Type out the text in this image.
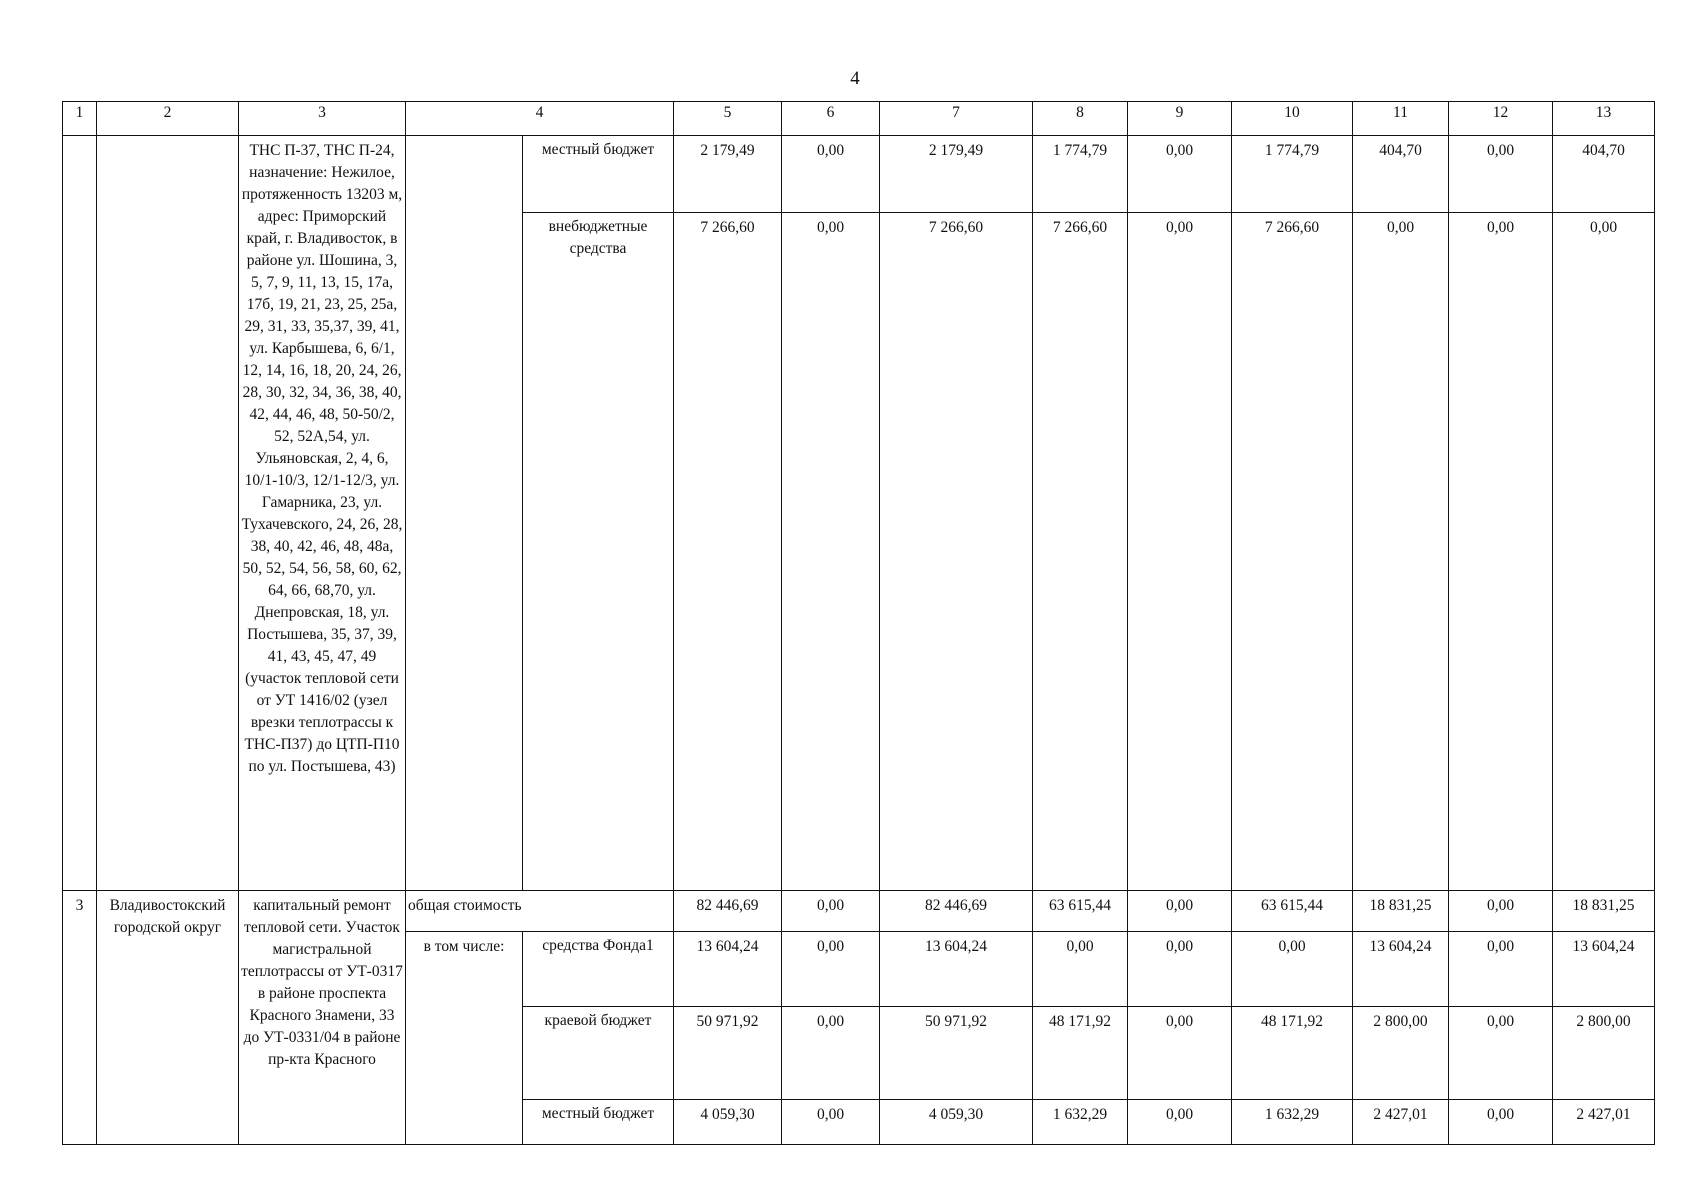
4
1	2	3	4		5	6	7	8	9	10	11	12	13
		ТНС П-37, ТНС П-24, назначение: Нежилое, протяженность 13203 м, адрес: Приморский край, г. Владивосток, в районе ул. Шошина, 3, 5, 7, 9, 11, 13, 15, 17а, 17б, 19, 21, 23, 25, 25а, 29, 31, 33, 35,37, 39, 41, ул. Карбышева, 6, 6/1, 12, 14, 16, 18, 20, 24, 26, 28, 30, 32, 34, 36, 38, 40, 42, 44, 46, 48, 50-50/2, 52, 52А,54, ул. Ульяновская, 2, 4, 6, 10/1-10/3, 12/1-12/3, ул. Гамарника, 23, ул. Тухачевского, 24, 26, 28, 38, 40, 42, 46, 48, 48а, 50, 52, 54, 56, 58, 60, 62, 64, 66, 68,70, ул. Днепровская, 18, ул. Постышева, 35, 37, 39, 41, 43, 45, 47, 49 (участок тепловой сети от УТ 1416/02 (узел врезки теплотрассы к ТНС-П37) до ЦТП-П10 по ул. Постышева, 43)		местный бюджет	2 179,49	0,00	2 179,49	1 774,79	0,00	1 774,79	404,70	0,00	404,70
				внебюджетные средства	7 266,60	0,00	7 266,60	7 266,60	0,00	7 266,60	0,00	0,00	0,00
3	Владивостокский городской округ	капитальный ремонт тепловой сети. Участок магистральной теплотрассы от УТ-0317 в районе проспекта Красного Знамени, 33 до УТ-0331/04 в районе пр-кта Красного	общая стоимость		82 446,69	0,00	82 446,69	63 615,44	0,00	63 615,44	18 831,25	0,00	18 831,25
			в том числе:	средства Фонда1	13 604,24	0,00	13 604,24	0,00	0,00	0,00	13 604,24	0,00	13 604,24
				краевой бюджет	50 971,92	0,00	50 971,92	48 171,92	0,00	48 171,92	2 800,00	0,00	2 800,00
				местный бюджет	4 059,30	0,00	4 059,30	1 632,29	0,00	1 632,29	2 427,01	0,00	2 427,01
